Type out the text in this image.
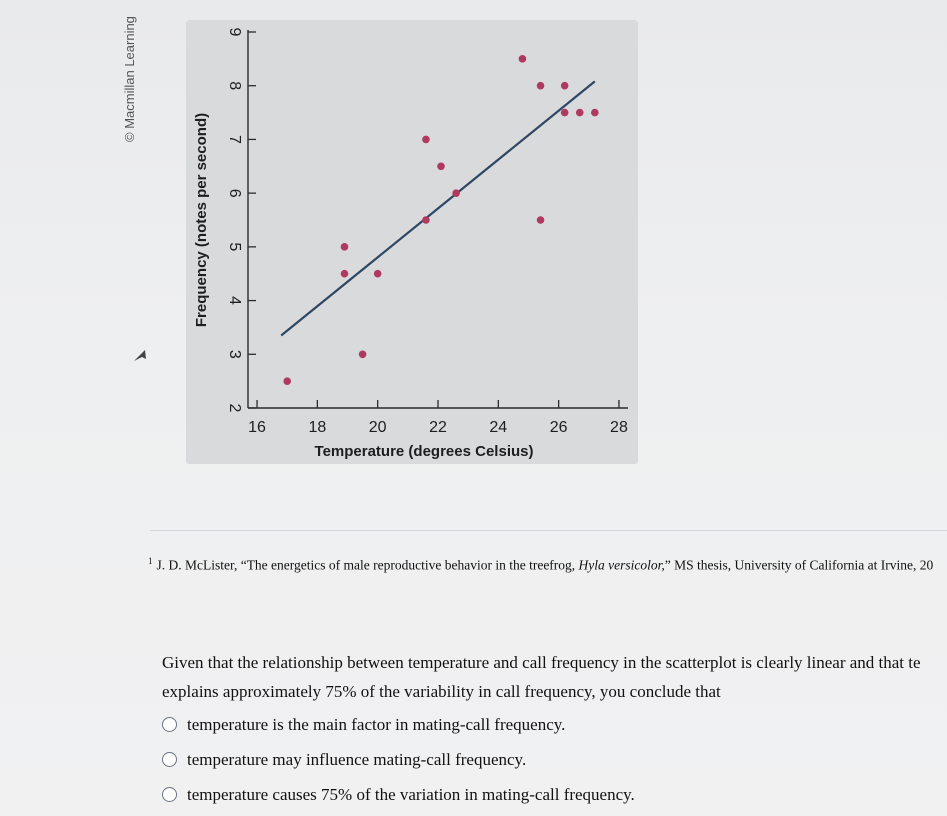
© Macmillan Learning
16	18	20	22	24	26	28
2
3
4
5
6
7
8
9
Frequency (notes per second)
Temperature (degrees Celsius)
$^1$ J. D. McLister, “The energetics of male reproductive behavior in the treefrog, Hyla versicolor,” MS thesis, University of California at Irvine, 20
Given that the relationship between temperature and call frequency in the scatterplot is clearly linear and that te
explains approximately 75% of the variability in call frequency, you conclude that
temperature is the main factor in mating-call frequency.
temperature may influence mating-call frequency.
temperature causes 75% of the variation in mating-call frequency.
